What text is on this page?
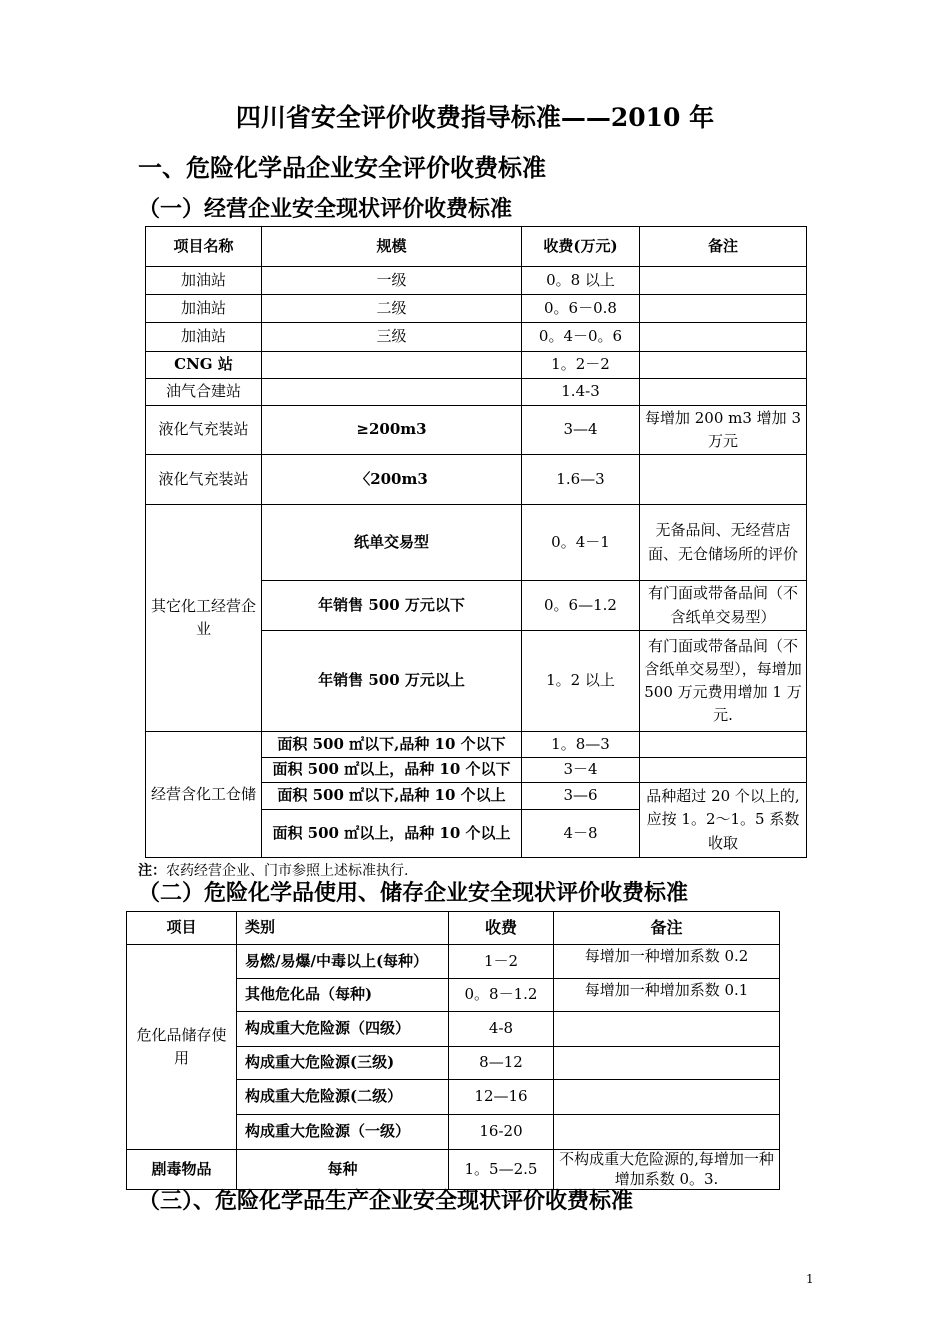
四川省安全评价收费指导标准——2010 年
一、危险化学品企业安全评价收费标准
（一）经营企业安全现状评价收费标准
项目名称	规模	收费(万元)	备注
加油站	一级	0。8 以上	
加油站	二级	0。6－0.8	
加油站	三级	0。4－0。6	
CNG 站		1。2－2	
油气合建站		1.4-3	
液化气充装站	≥200m3	3—4	每增加 200 m3 增加 3 万元
液化气充装站	〈200m3	1.6—3	
其它化工经营企业	纸单交易型	0。4－1	无备品间、无经营店面、无仓储场所的评价
	年销售 500 万元以下	0。6—1.2	有门面或带备品间（不含纸单交易型）
	年销售 500 万元以上	1。2 以上	有门面或带备品间（不含纸单交易型），每增加 500 万元费用增加 1 万元.
经营含化工仓储	面积 500 ㎡以下,品种 10 个以下	1。8—3	
	面积 500 ㎡以上，品种 10 个以下	3－4	
	面积 500 ㎡以下,品种 10 个以上	3—6	品种超过 20 个以上的,应按 1。2～1。5 系数收取
	面积 500 ㎡以上，品种 10 个以上	4－8	
注：农药经营企业、门市参照上述标准执行.
（二）危险化学品使用、储存企业安全现状评价收费标准
项目	类别	收费	备注
危化品储存使用	易燃/易爆/中毒以上(每种）	1－2	每增加一种增加系数 0.2
	其他危化品（每种)	0。8－1.2	每增加一种增加系数 0.1
	构成重大危险源（四级）	4-8	
	构成重大危险源(三级)	8—12	
	构成重大危险源(二级）	12—16	
	构成重大危险源（一级）	16-20	
剧毒物品	每种	1。5—2.5	不构成重大危险源的,每增加一种增加系数 0。3.
（三）、危险化学品生产企业安全现状评价收费标准
1
